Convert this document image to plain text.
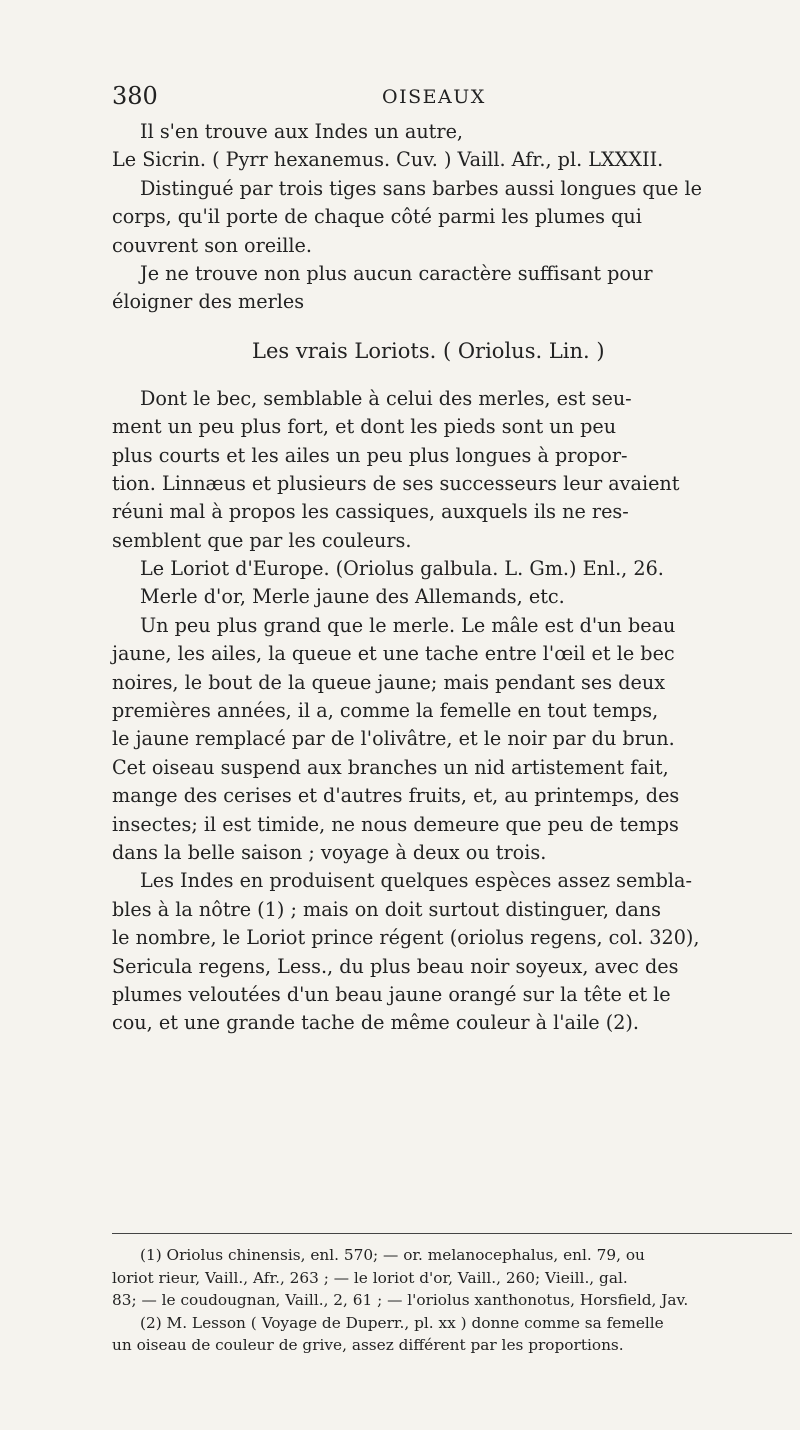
380	OISEAUX
Il s'en trouve aux Indes un autre,
Le Sicrin. ( Pyrr hexanemus. Cuv. ) Vaill. Afr., pl. LXXXII.
Distingué par trois tiges sans barbes aussi longues que le
corps, qu'il porte de chaque côté parmi les plumes qui
couvrent son oreille.
Je ne trouve non plus aucun caractère suffisant pour
éloigner des merles
Les vrais Loriots. ( Oriolus. Lin. )
Dont le bec, semblable à celui des merles, est seu-
ment un peu plus fort, et dont les pieds sont un peu
plus courts et les ailes un peu plus longues à propor-
tion. Linnæus et plusieurs de ses successeurs leur avaient
réuni mal à propos les cassiques, auxquels ils ne res-
semblent que par les couleurs.
Le Loriot d'Europe. (Oriolus galbula. L. Gm.) Enl., 26.
Merle d'or, Merle jaune des Allemands, etc.
Un peu plus grand que le merle. Le mâle est d'un beau
jaune, les ailes, la queue et une tache entre l'œil et le bec
noires, le bout de la queue jaune; mais pendant ses deux
premières années, il a, comme la femelle en tout temps,
le jaune remplacé par de l'olivâtre, et le noir par du brun.
Cet oiseau suspend aux branches un nid artistement fait,
mange des cerises et d'autres fruits, et, au printemps, des
insectes; il est timide, ne nous demeure que peu de temps
dans la belle saison ; voyage à deux ou trois.
Les Indes en produisent quelques espèces assez sembla-
bles à la nôtre (1) ; mais on doit surtout distinguer, dans
le nombre, le Loriot prince régent (oriolus regens, col. 320),
Sericula regens, Less., du plus beau noir soyeux, avec des
plumes veloutées d'un beau jaune orangé sur la tête et le
cou, et une grande tache de même couleur à l'aile (2).
(1) Oriolus chinensis, enl. 570; — or. melanocephalus, enl. 79, ou
loriot rieur, Vaill., Afr., 263 ; — le loriot d'or, Vaill., 260; Vieill., gal.
83; — le coudougnan, Vaill., 2, 61 ; — l'oriolus xanthonotus, Horsfield, Jav.
(2) M. Lesson ( Voyage de Duperr., pl. xx ) donne comme sa femelle
un oiseau de couleur de grive, assez différent par les proportions.
